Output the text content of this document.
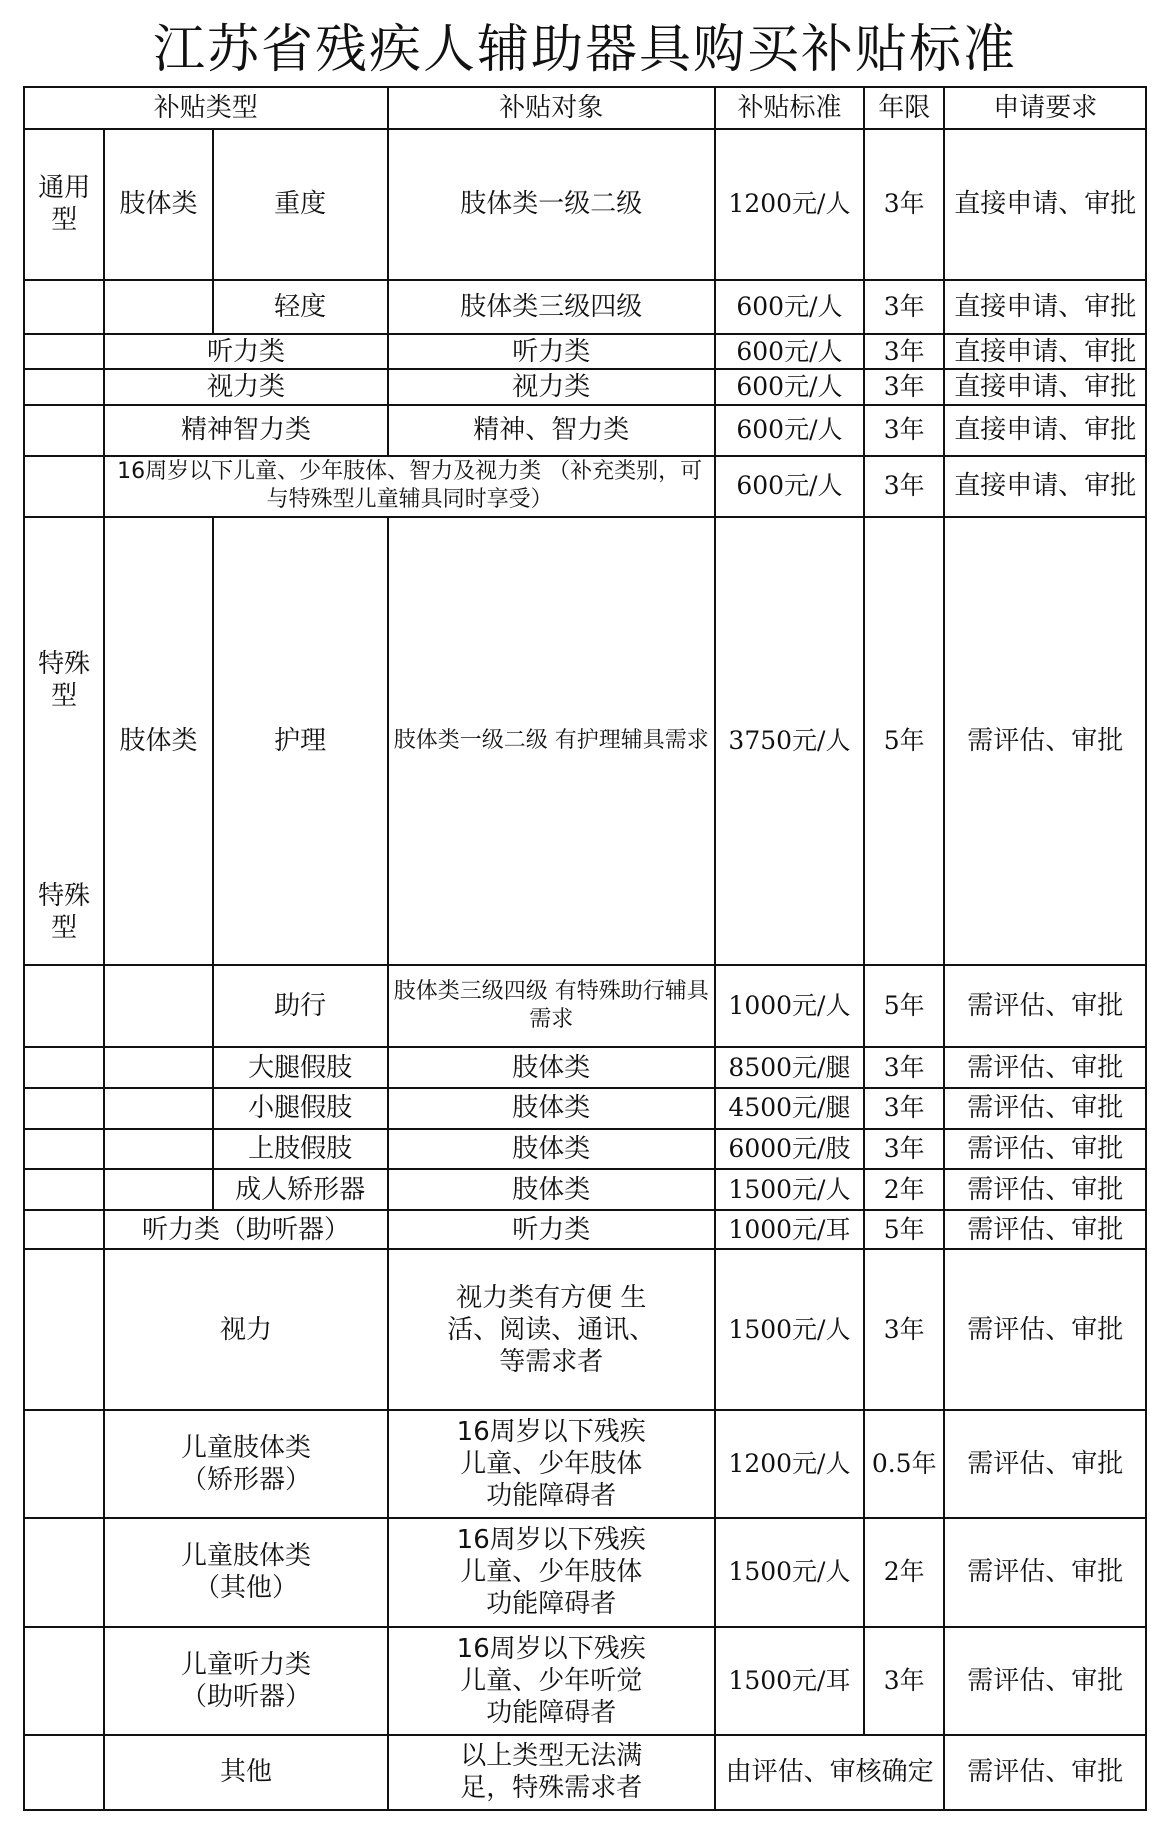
江苏省残疾人辅助器具购买补贴标准
补贴类型			补贴对象	补贴标准	年限	申请要求
通用型	肢体类	重度	肢体类一级二级	1200元/人	3年	直接申请、审批
		轻度	肢体类三级四级	600元/人	3年	直接申请、审批
	听力类		听力类	600元/人	3年	直接申请、审批
	视力类		视力类	600元/人	3年	直接申请、审批
	精神智力类		精神、智力类	600元/人	3年	直接申请、审批
	16周岁以下儿童、少年肢体、智力及视力类 （补充类别，可与特殊型儿童辅具同时享受）			600元/人	3年	直接申请、审批

特殊型
特殊型	肢体类	护理	肢体类一级二级 有护理辅具需求	3750元/人	5年	需评估、审批
		助行	肢体类三级四级 有特殊助行辅具需求	1000元/人	5年	需评估、审批
		大腿假肢	肢体类	8500元/腿	3年	需评估、审批
		小腿假肢	肢体类	4500元/腿	3年	需评估、审批
		上肢假肢	肢体类	6000元/肢	3年	需评估、审批
		成人矫形器	肢体类	1500元/人	2年	需评估、审批
	听力类（助听器）		听力类	1000元/耳	5年	需评估、审批
	视力		视力类有方便 生活、阅读、通讯、等需求者	1500元/人	3年	需评估、审批
	儿童肢体类（矫形器）		16周岁以下残疾儿童、少年肢体功能障碍者	1200元/人	0.5年	需评估、审批
	儿童肢体类（其他）		16周岁以下残疾儿童、少年肢体功能障碍者	1500元/人	2年	需评估、审批
	儿童听力类（助听器）		16周岁以下残疾儿童、少年听觉功能障碍者	1500元/耳	3年	需评估、审批
	其他		以上类型无法满足，特殊需求者	由评估、审核确定		需评估、审批
